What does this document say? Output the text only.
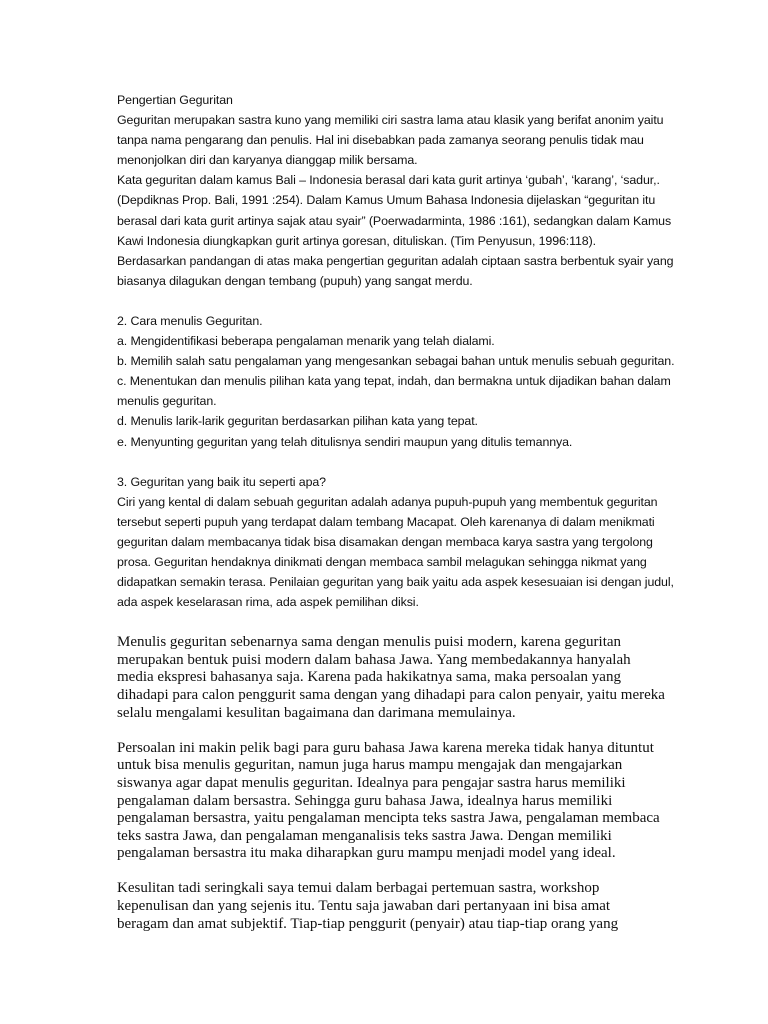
Pengertian Geguritan

Geguritan merupakan sastra kuno yang memiliki ciri sastra lama atau klasik yang berifat anonim yaitu tanpa nama pengarang dan penulis. Hal ini disebabkan pada zamanya seorang penulis tidak mau menonjolkan diri dan karyanya dianggap milik bersama.

Kata geguritan dalam kamus Bali – Indonesia berasal dari kata gurit artinya ‘gubah’, ‘karang’, ‘sadur,. (Depdiknas Prop. Bali, 1991 :254). Dalam Kamus Umum Bahasa Indonesia dijelaskan “geguritan itu berasal dari kata gurit artinya sajak atau syair” (Poerwadarminta, 1986 :161), sedangkan dalam Kamus Kawi Indonesia diungkapkan gurit artinya goresan, dituliskan. (Tim Penyusun, 1996:118).

Berdasarkan pandangan di atas maka pengertian geguritan adalah ciptaan sastra berbentuk syair yang biasanya dilagukan dengan tembang (pupuh) yang sangat merdu.

2. Cara menulis Geguritan.

a. Mengidentifikasi beberapa pengalaman menarik yang telah dialami.

b. Memilih salah satu pengalaman yang mengesankan sebagai bahan untuk menulis sebuah geguritan.

c. Menentukan dan menulis pilihan kata yang tepat, indah, dan bermakna untuk dijadikan bahan dalam menulis geguritan.

d. Menulis larik-larik geguritan berdasarkan pilihan kata yang tepat.

e. Menyunting geguritan yang telah ditulisnya sendiri maupun yang ditulis temannya.

3. Geguritan yang baik itu seperti apa?

Ciri yang kental di dalam sebuah geguritan adalah adanya pupuh-pupuh yang membentuk geguritan tersebut seperti pupuh yang terdapat dalam tembang Macapat. Oleh karenanya di dalam menikmati geguritan dalam membacanya tidak bisa disamakan dengan membaca karya sastra yang tergolong prosa. Geguritan hendaknya dinikmati dengan membaca sambil melagukan sehingga nikmat yang didapatkan semakin terasa. Penilaian geguritan yang baik yaitu ada aspek kesesuaian isi dengan judul, ada aspek keselarasan rima, ada aspek pemilihan diksi.

Menulis geguritan sebenarnya sama dengan menulis puisi modern, karena geguritan merupakan bentuk puisi modern dalam bahasa Jawa. Yang membedakannya hanyalah media ekspresi bahasanya saja. Karena pada hakikatnya sama, maka persoalan yang dihadapi para calon penggurit sama dengan yang dihadapi para calon penyair, yaitu mereka selalu mengalami kesulitan bagaimana dan darimana memulainya.

Persoalan ini makin pelik bagi para guru bahasa Jawa karena mereka tidak hanya dituntut untuk bisa menulis geguritan, namun juga harus mampu mengajak dan mengajarkan siswanya agar dapat menulis geguritan. Idealnya para pengajar sastra harus memiliki pengalaman dalam bersastra. Sehingga guru bahasa Jawa, idealnya harus memiliki pengalaman bersastra, yaitu pengalaman mencipta teks sastra Jawa, pengalaman membaca teks sastra Jawa, dan pengalaman menganalisis teks sastra Jawa. Dengan memiliki pengalaman bersastra itu maka diharapkan guru mampu menjadi model yang ideal.

Kesulitan tadi seringkali saya temui dalam berbagai pertemuan sastra, workshop kepenulisan dan yang sejenis itu. Tentu saja jawaban dari pertanyaan ini bisa amat beragam dan amat subjektif. Tiap-tiap penggurit (penyair) atau tiap-tiap orang yang
